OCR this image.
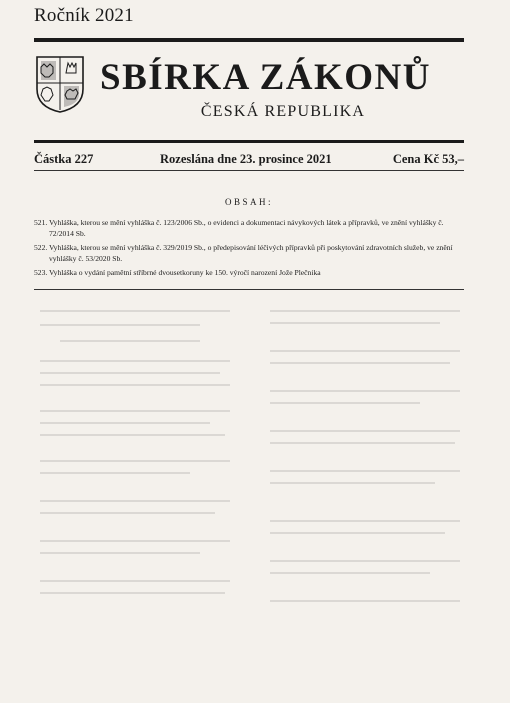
Ročník 2021
SBÍRKA ZÁKONŮ
ČESKÁ REPUBLIKA
Částka 227	Rozeslána dne 23. prosince 2021	Cena Kč 53,–
OBSAH:
521. Vyhláška, kterou se mění vyhláška č. 123/2006 Sb., o evidenci a dokumentaci návykových látek a přípravků, ve znění vyhlášky č. 72/2014 Sb.
522. Vyhláška, kterou se mění vyhláška č. 329/2019 Sb., o předepisování léčivých přípravků při poskytování zdravotních služeb, ve znění vyhlášky č. 53/2020 Sb.
523. Vyhláška o vydání pamětní stříbrné dvousetkoruny ke 150. výročí narození Jože Plečnika
